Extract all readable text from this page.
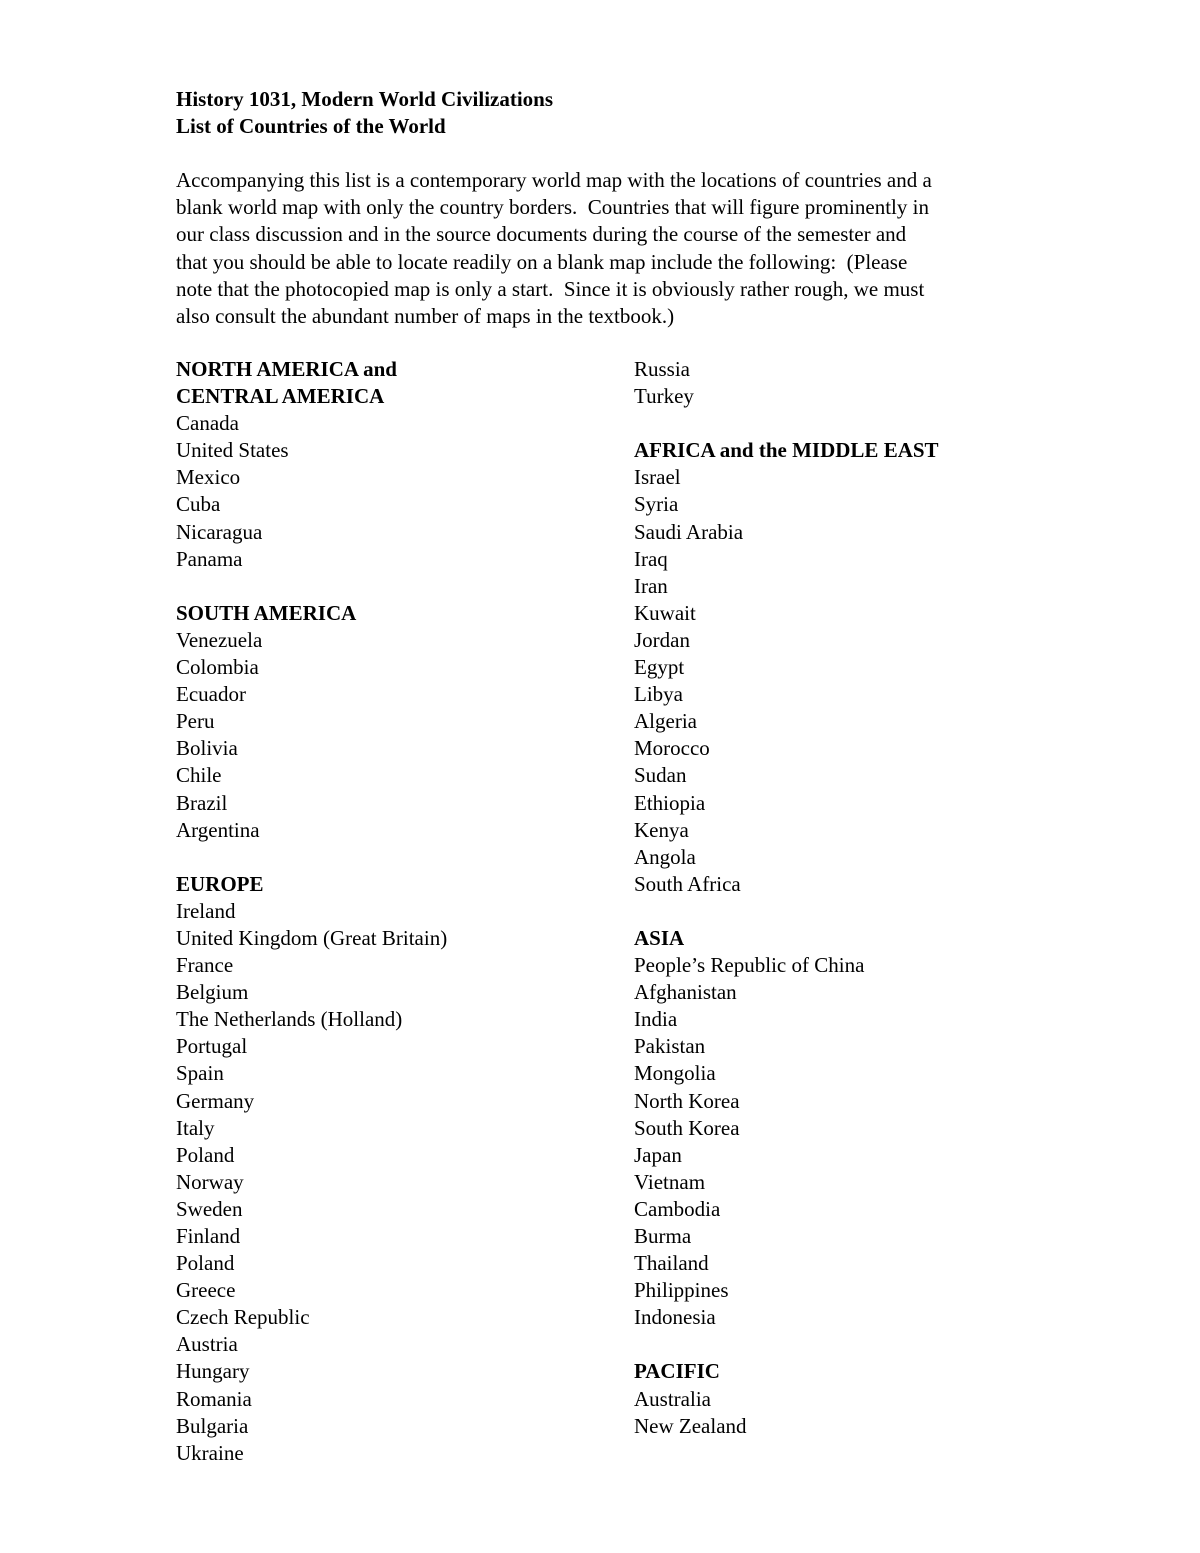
History 1031, Modern World Civilizations
List of Countries of the World
Accompanying this list is a contemporary world map with the locations of countries and a
blank world map with only the country borders.  Countries that will figure prominently in
our class discussion and in the source documents during the course of the semester and
that you should be able to locate readily on a blank map include the following:  (Please
note that the photocopied map is only a start.  Since it is obviously rather rough, we must
also consult the abundant number of maps in the textbook.)
NORTH AMERICA and
CENTRAL AMERICA
Canada
United States
Mexico
Cuba
Nicaragua
Panama
SOUTH AMERICA
Venezuela
Colombia
Ecuador
Peru
Bolivia
Chile
Brazil
Argentina
EUROPE
Ireland
United Kingdom (Great Britain)
France
Belgium
The Netherlands (Holland)
Portugal
Spain
Germany
Italy
Poland
Norway
Sweden
Finland
Poland
Greece
Czech Republic
Austria
Hungary
Romania
Bulgaria
Ukraine
Russia
Turkey
AFRICA and the MIDDLE EAST
Israel
Syria
Saudi Arabia
Iraq
Iran
Kuwait
Jordan
Egypt
Libya
Algeria
Morocco
Sudan
Ethiopia
Kenya
Angola
South Africa
ASIA
People’s Republic of China
Afghanistan
India
Pakistan
Mongolia
North Korea
South Korea
Japan
Vietnam
Cambodia
Burma
Thailand
Philippines
Indonesia
PACIFIC
Australia
New Zealand
